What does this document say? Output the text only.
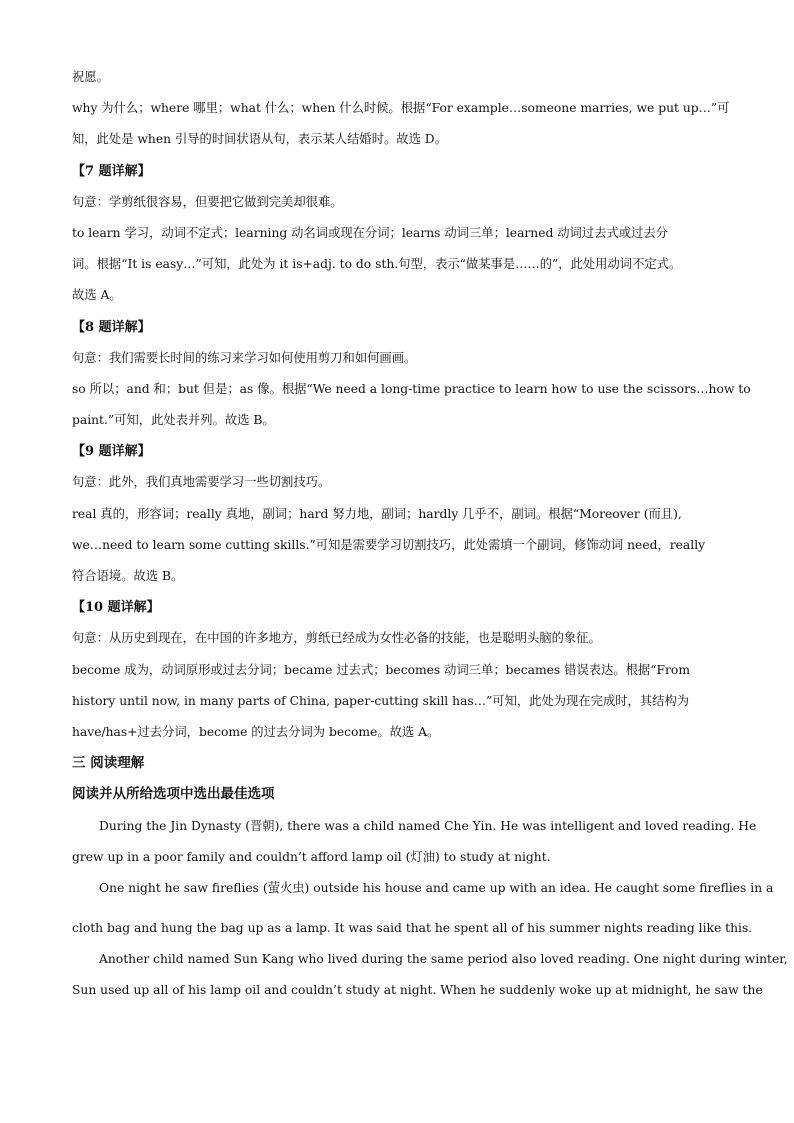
祝愿。
why 为什么；where 哪里；what 什么；when 什么时候。根据“For example…someone marries, we put up…”可
知，此处是 when 引导的时间状语从句，表示某人结婚时。故选 D。
【7 题详解】
句意：学剪纸很容易，但要把它做到完美却很难。
to learn 学习，动词不定式；learning 动名词或现在分词；learns 动词三单；learned 动词过去式或过去分
词。根据“It is easy…”可知，此处为 it is+adj. to do sth.句型，表示“做某事是……的”，此处用动词不定式。
故选 A。
【8 题详解】
句意：我们需要长时间的练习来学习如何使用剪刀和如何画画。
so 所以；and 和；but 但是；as 像。根据“We need a long-time practice to learn how to use the scissors…how to
paint.”可知，此处表并列。故选 B。
【9 题详解】
句意：此外，我们真地需要学习一些切割技巧。
real 真的，形容词；really 真地，副词；hard 努力地，副词；hardly 几乎不，副词。根据“Moreover (而且),
we…need to learn some cutting skills.”可知是需要学习切割技巧，此处需填一个副词，修饰动词 need，really
符合语境。故选 B。
【10 题详解】
句意：从历史到现在，在中国的许多地方，剪纸已经成为女性必备的技能，也是聪明头脑的象征。
become 成为，动词原形或过去分词；became 过去式；becomes 动词三单；becames 错误表达。根据“From
history until now, in many parts of China, paper-cutting skill has…”可知，此处为现在完成时，其结构为
have/has+过去分词，become 的过去分词为 become。故选 A。
三 阅读理解
阅读并从所给选项中选出最佳选项
During the Jin Dynasty (晋朝), there was a child named Che Yin. He was intelligent and loved reading. He
grew up in a poor family and couldn’t afford lamp oil (灯油) to study at night.
One night he saw fireflies (萤火虫) outside his house and came up with an idea. He caught some fireflies in a
cloth bag and hung the bag up as a lamp. It was said that he spent all of his summer nights reading like this.
Another child named Sun Kang who lived during the same period also loved reading. One night during winter,
Sun used up all of his lamp oil and couldn’t study at night. When he suddenly woke up at midnight, he saw the
